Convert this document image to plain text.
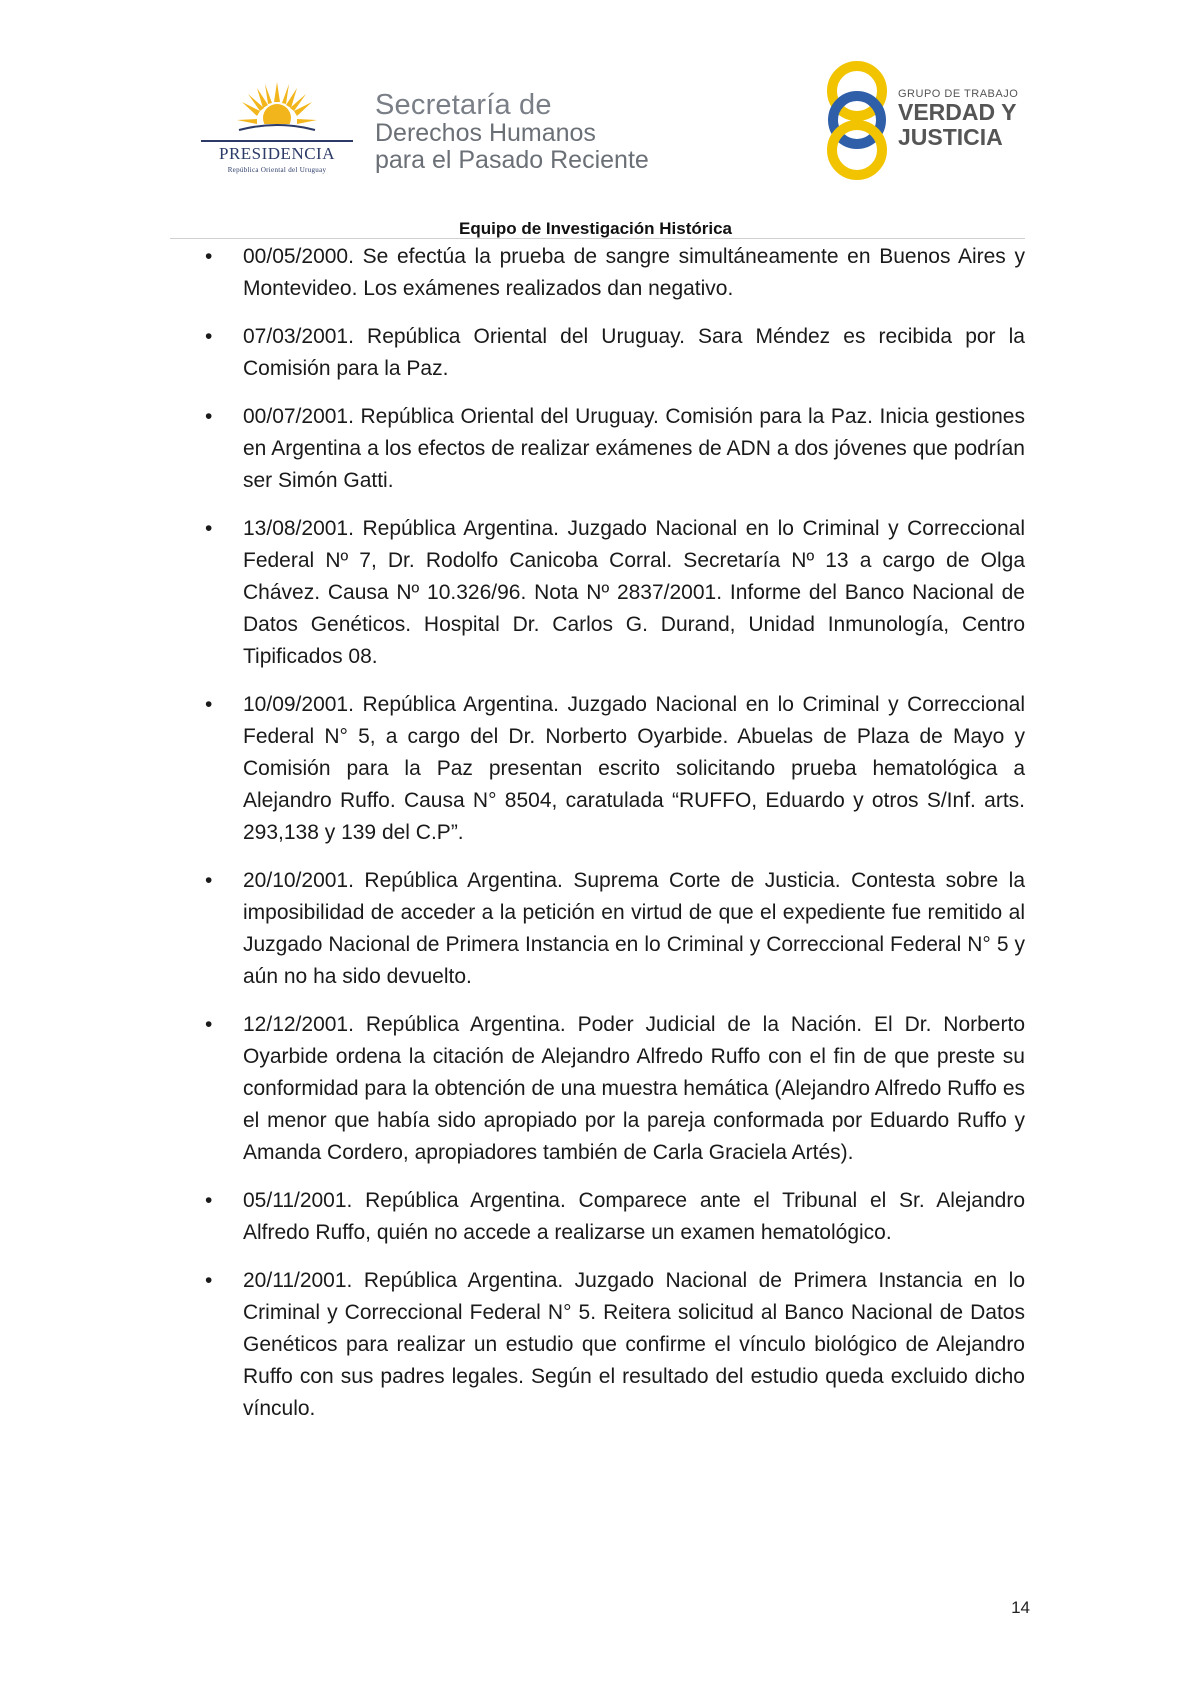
PRESIDENCIA
República Oriental del Uruguay
Secretaría de
Derechos Humanos
para el Pasado Reciente
GRUPO DE TRABAJO
VERDAD Y
JUSTICIA
Equipo de Investigación Histórica
•	00/05/2000. Se efectúa la prueba de sangre simultáneamente en Buenos Aires y Montevideo. Los exámenes realizados dan negativo.
•	07/03/2001. República Oriental del Uruguay. Sara Méndez es recibida por la Comisión para la Paz.
•	00/07/2001. República Oriental del Uruguay. Comisión para la Paz. Inicia gestiones en Argentina a los efectos de realizar exámenes de ADN a dos jóvenes que podrían ser Simón Gatti.
•	13/08/2001. República Argentina. Juzgado Nacional en lo Criminal y Correccional Federal Nº 7, Dr. Rodolfo Canicoba Corral. Secretaría Nº 13 a cargo de Olga Chávez. Causa Nº 10.326/96. Nota Nº 2837/2001. Informe del Banco Nacional de Datos Genéticos. Hospital Dr. Carlos G. Durand, Unidad Inmunología, Centro Tipificados 08.
•	10/09/2001. República Argentina. Juzgado Nacional en lo Criminal y Correccional Federal N° 5, a cargo del Dr. Norberto Oyarbide. Abuelas de Plaza de Mayo y Comisión para la Paz presentan escrito solicitando prueba hematológica a Alejandro Ruffo. Causa N° 8504, caratulada “RUFFO, Eduardo y otros S/Inf. arts. 293,138 y 139 del C.P”.
•	20/10/2001. República Argentina. Suprema Corte de Justicia. Contesta sobre la imposibilidad de acceder a la petición en virtud de que el expediente fue remitido al Juzgado Nacional de Primera Instancia en lo Criminal y Correccional Federal N° 5 y aún no ha sido devuelto.
•	12/12/2001. República Argentina. Poder Judicial de la Nación. El Dr. Norberto Oyarbide ordena la citación de Alejandro Alfredo Ruffo con el fin de que preste su conformidad para la obtención de una muestra hemática (Alejandro Alfredo Ruffo es el menor que había sido apropiado por la pareja conformada por Eduardo Ruffo y Amanda Cordero, apropiadores también de Carla Graciela Artés).
•	05/11/2001. República Argentina. Comparece ante el Tribunal el Sr. Alejandro Alfredo Ruffo, quién no accede a realizarse un examen hematológico.
•	20/11/2001. República Argentina. Juzgado Nacional de Primera Instancia en lo Criminal y Correccional Federal N° 5. Reitera solicitud al Banco Nacional de Datos Genéticos para realizar un estudio que confirme el vínculo biológico de Alejandro Ruffo con sus padres legales. Según el resultado del estudio queda excluido dicho vínculo.
14
